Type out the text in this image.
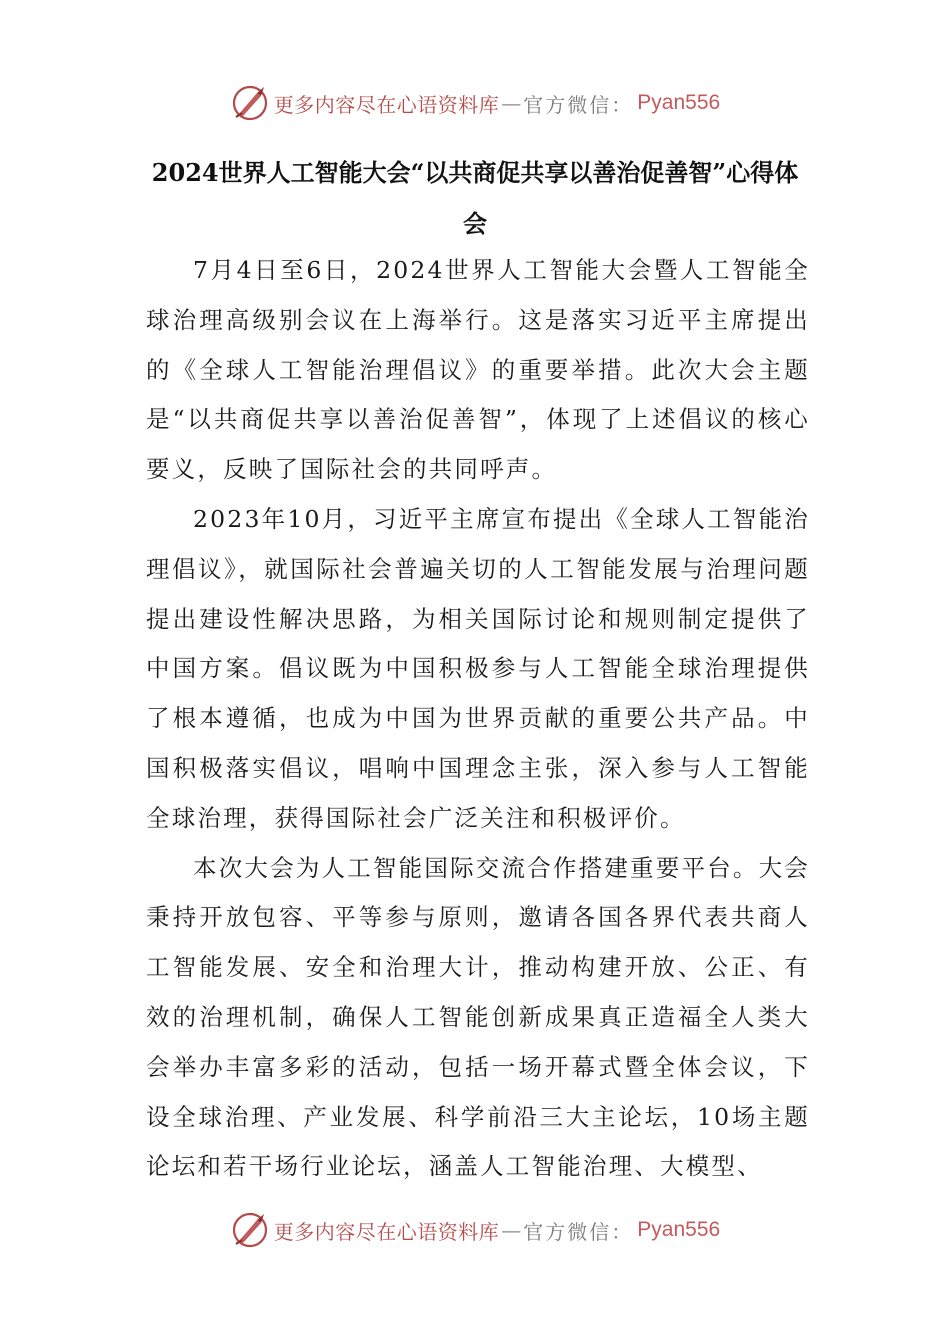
更多内容尽在心语资料库 — 官方微信： Pyan556
2024世界人工智能大会“以共商促共享以善治促善智”心得体会

7月4日至6日，2024世界人工智能大会暨人工智能全球治理高级别会议在上海举行。这是落实习近平主席提出的《全球人工智能治理倡议》的重要举措。此次大会主题是“以共商促共享以善治促善智”，体现了上述倡议的核心要义，反映了国际社会的共同呼声。

2023年10月，习近平主席宣布提出《全球人工智能治理倡议》，就国际社会普遍关切的人工智能发展与治理问题提出建设性解决思路，为相关国际讨论和规则制定提供了中国方案。倡议既为中国积极参与人工智能全球治理提供了根本遵循，也成为中国为世界贡献的重要公共产品。中国积极落实倡议，唱响中国理念主张，深入参与人工智能全球治理，获得国际社会广泛关注和积极评价。

本次大会为人工智能国际交流合作搭建重要平台。大会秉持开放包容、平等参与原则，邀请各国各界代表共商人工智能发展、安全和治理大计，推动构建开放、公正、有效的治理机制，确保人工智能创新成果真正造福全人类大会举办丰富多彩的活动，包括一场开幕式暨全体会议，下设全球治理、产业发展、科学前沿三大主论坛，10场主题论坛和若干场行业论坛，涵盖人工智能治理、大模型、

更多内容尽在心语资料库 — 官方微信： Pyan556
